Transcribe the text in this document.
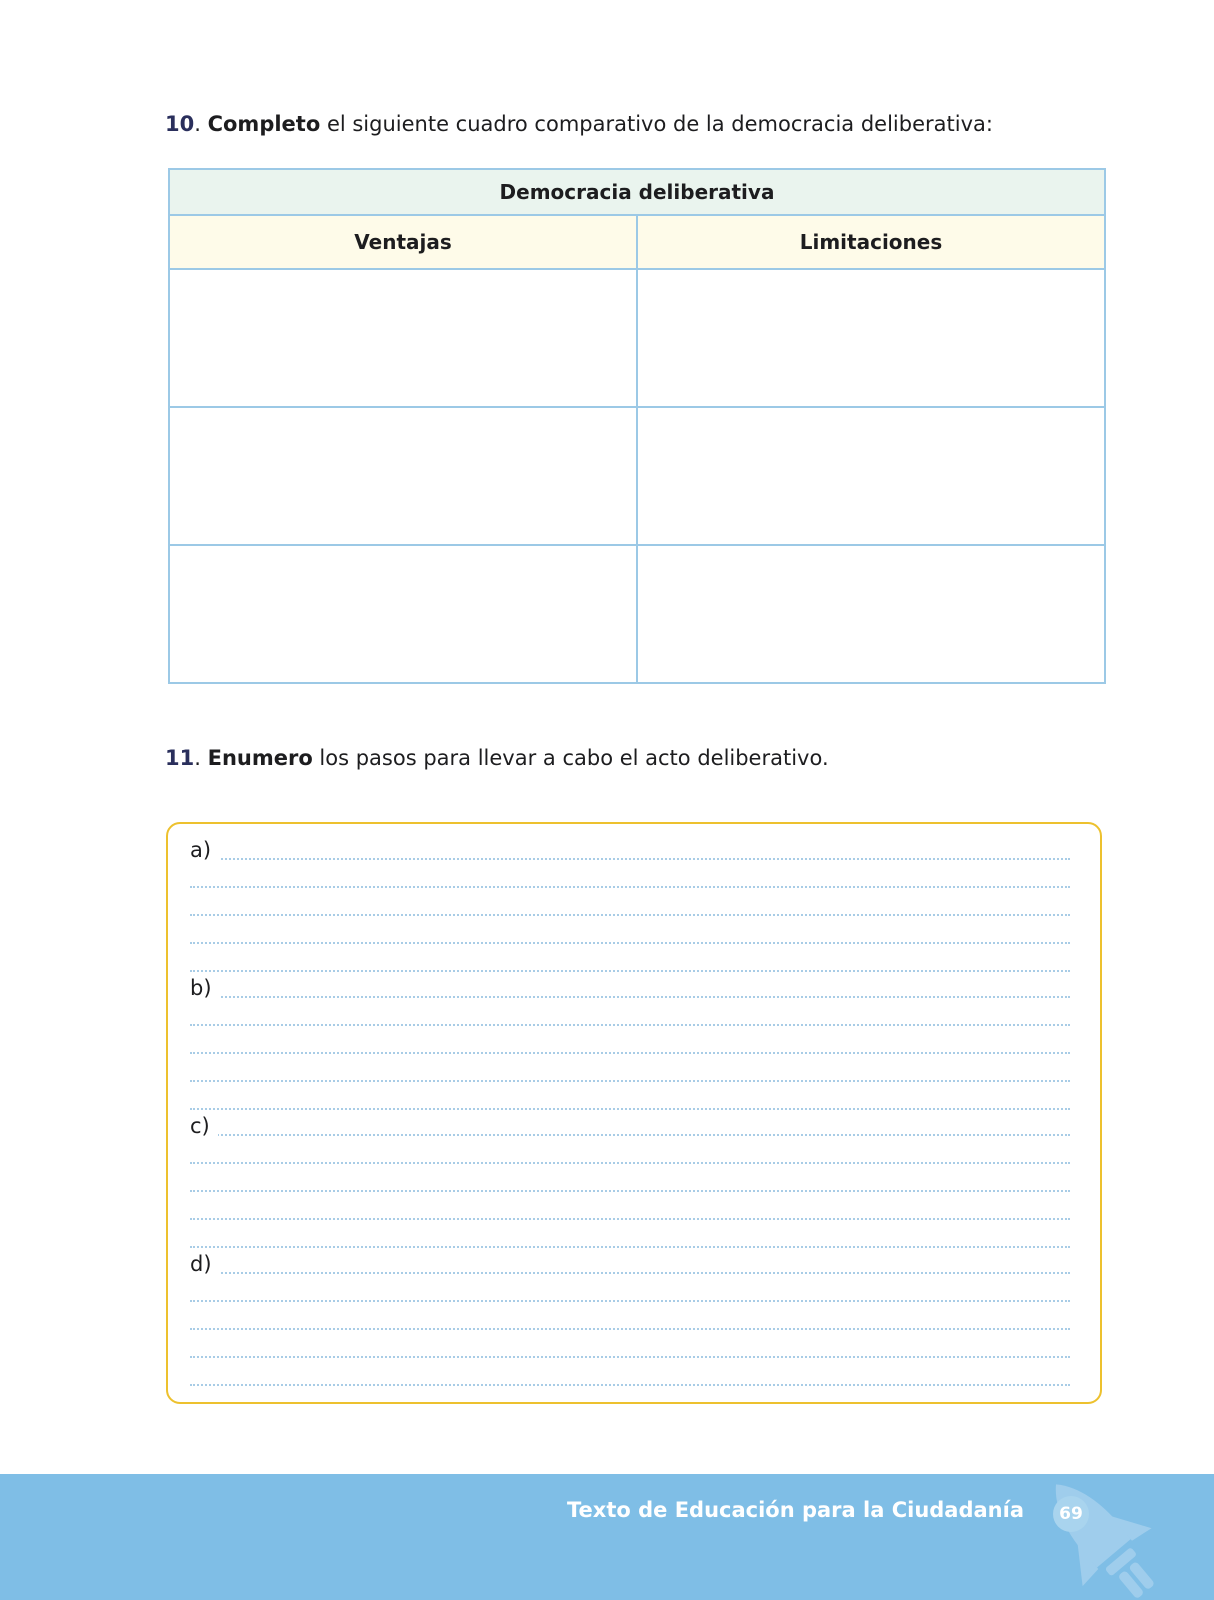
10. Completo el siguiente cuadro comparativo de la democracia deliberativa:

Democracia deliberativa	
Ventajas	Limitaciones

11. Enumero los pasos para llevar a cabo el acto deliberativo.

a)
b)
c)
d)
Texto de Educación para la Ciudadanía	69
